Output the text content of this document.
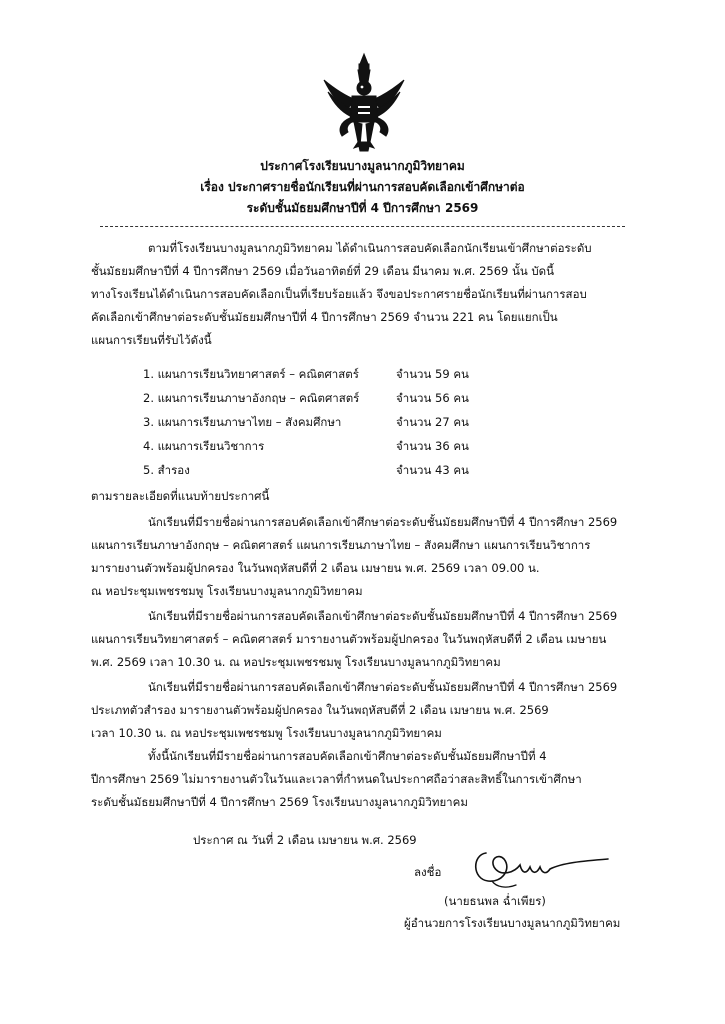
ประกาศโรงเรียนบางมูลนากภูมิวิทยาคม
เรื่อง ประกาศรายชื่อนักเรียนที่ผ่านการสอบคัดเลือกเข้าศึกษาต่อ
ระดับชั้นมัธยมศึกษาปีที่ 4 ปีการศึกษา 2569
ตามที่โรงเรียนบางมูลนากภูมิวิทยาคม ได้ดำเนินการสอบคัดเลือกนักเรียนเข้าศึกษาต่อระดับ
ชั้นมัธยมศึกษาปีที่ 4 ปีการศึกษา 2569 เมื่อวันอาทิตย์ที่ 29 เดือน มีนาคม พ.ศ. 2569 นั้น บัดนี้
ทางโรงเรียนได้ดำเนินการสอบคัดเลือกเป็นที่เรียบร้อยแล้ว จึงขอประกาศรายชื่อนักเรียนที่ผ่านการสอบ
คัดเลือกเข้าศึกษาต่อระดับชั้นมัธยมศึกษาปีที่ 4 ปีการศึกษา 2569 จำนวน 221 คน โดยแยกเป็น
แผนการเรียนที่รับไว้ดังนี้
1. แผนการเรียนวิทยาศาสตร์ – คณิตศาสตร์	จำนวน 59 คน
2. แผนการเรียนภาษาอังกฤษ – คณิตศาสตร์	จำนวน 56 คน
3. แผนการเรียนภาษาไทย – สังคมศึกษา	จำนวน 27 คน
4. แผนการเรียนวิชาการ	จำนวน 36 คน
5. สำรอง	จำนวน 43 คน
ตามรายละเอียดที่แนบท้ายประกาศนี้
นักเรียนที่มีรายชื่อผ่านการสอบคัดเลือกเข้าศึกษาต่อระดับชั้นมัธยมศึกษาปีที่ 4 ปีการศึกษา 2569
แผนการเรียนภาษาอังกฤษ – คณิตศาสตร์ แผนการเรียนภาษาไทย – สังคมศึกษา แผนการเรียนวิชาการ
มารายงานตัวพร้อมผู้ปกครอง ในวันพฤหัสบดีที่ 2 เดือน เมษายน พ.ศ. 2569 เวลา 09.00 น.
ณ หอประชุมเพชรชมพู โรงเรียนบางมูลนากภูมิวิทยาคม
นักเรียนที่มีรายชื่อผ่านการสอบคัดเลือกเข้าศึกษาต่อระดับชั้นมัธยมศึกษาปีที่ 4 ปีการศึกษา 2569
แผนการเรียนวิทยาศาสตร์ – คณิตศาสตร์ มารายงานตัวพร้อมผู้ปกครอง ในวันพฤหัสบดีที่ 2 เดือน เมษายน
พ.ศ. 2569 เวลา 10.30 น. ณ หอประชุมเพชรชมพู โรงเรียนบางมูลนากภูมิวิทยาคม
นักเรียนที่มีรายชื่อผ่านการสอบคัดเลือกเข้าศึกษาต่อระดับชั้นมัธยมศึกษาปีที่ 4 ปีการศึกษา 2569
ประเภทตัวสำรอง มารายงานตัวพร้อมผู้ปกครอง ในวันพฤหัสบดีที่ 2 เดือน เมษายน พ.ศ. 2569
เวลา 10.30 น. ณ หอประชุมเพชรชมพู โรงเรียนบางมูลนากภูมิวิทยาคม
ทั้งนี้นักเรียนที่มีรายชื่อผ่านการสอบคัดเลือกเข้าศึกษาต่อระดับชั้นมัธยมศึกษาปีที่ 4
ปีการศึกษา 2569 ไม่มารายงานตัวในวันและเวลาที่กำหนดในประกาศถือว่าสละสิทธิ์ในการเข้าศึกษา
ระดับชั้นมัธยมศึกษาปีที่ 4 ปีการศึกษา 2569 โรงเรียนบางมูลนากภูมิวิทยาคม
ประกาศ ณ วันที่ 2 เดือน เมษายน พ.ศ. 2569
ลงชื่อ
(นายธนพล ฉ่ำเพียร)
ผู้อำนวยการโรงเรียนบางมูลนากภูมิวิทยาคม
